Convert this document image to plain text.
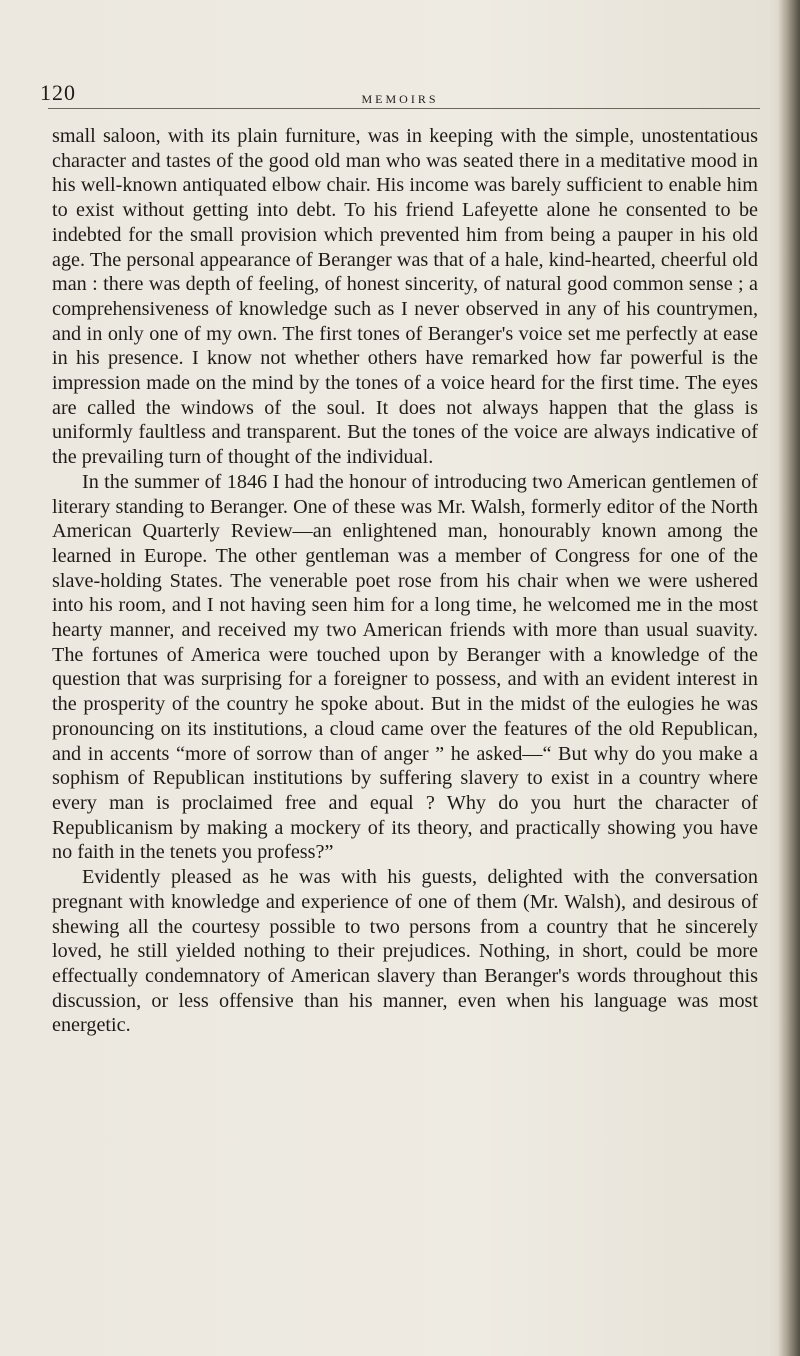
120	MEMOIRS

small saloon, with its plain furniture, was in keeping with the simple, unostentatious character and tastes of the good old man who was seated there in a meditative mood in his well-known antiquated elbow chair. His income was barely sufficient to enable him to exist without getting into debt. To his friend Lafeyette alone he consented to be indebted for the small provision which prevented him from being a pauper in his old age. The personal appearance of Beranger was that of a hale, kind-hearted, cheerful old man : there was depth of feeling, of honest sincerity, of natural good common sense ; a comprehensiveness of knowledge such as I never observed in any of his countrymen, and in only one of my own. The first tones of Beranger's voice set me perfectly at ease in his presence. I know not whether others have remarked how far powerful is the impression made on the mind by the tones of a voice heard for the first time. The eyes are called the windows of the soul. It does not always happen that the glass is uniformly faultless and transparent. But the tones of the voice are always indicative of the prevailing turn of thought of the individual.

In the summer of 1846 I had the honour of introducing two American gentlemen of literary standing to Beranger. One of these was Mr. Walsh, formerly editor of the North American Quarterly Review—an enlightened man, honourably known among the learned in Europe. The other gentleman was a member of Congress for one of the slave-holding States. The venerable poet rose from his chair when we were ushered into his room, and I not having seen him for a long time, he welcomed me in the most hearty manner, and received my two American friends with more than usual suavity. The fortunes of America were touched upon by Beranger with a knowledge of the question that was surprising for a foreigner to possess, and with an evident interest in the prosperity of the country he spoke about. But in the midst of the eulogies he was pronouncing on its institutions, a cloud came over the features of the old Republican, and in accents “more of sorrow than of anger ” he asked—“ But why do you make a sophism of Republican institutions by suffering slavery to exist in a country where every man is proclaimed free and equal ? Why do you hurt the character of Republicanism by making a mockery of its theory, and practically showing you have no faith in the tenets you profess?”

Evidently pleased as he was with his guests, delighted with the conversation pregnant with knowledge and experience of one of them (Mr. Walsh), and desirous of shewing all the courtesy possible to two persons from a country that he sincerely loved, he still yielded nothing to their prejudices. Nothing, in short, could be more effectually condemnatory of American slavery than Beranger's words throughout this discussion, or less offensive than his manner, even when his language was most energetic.
